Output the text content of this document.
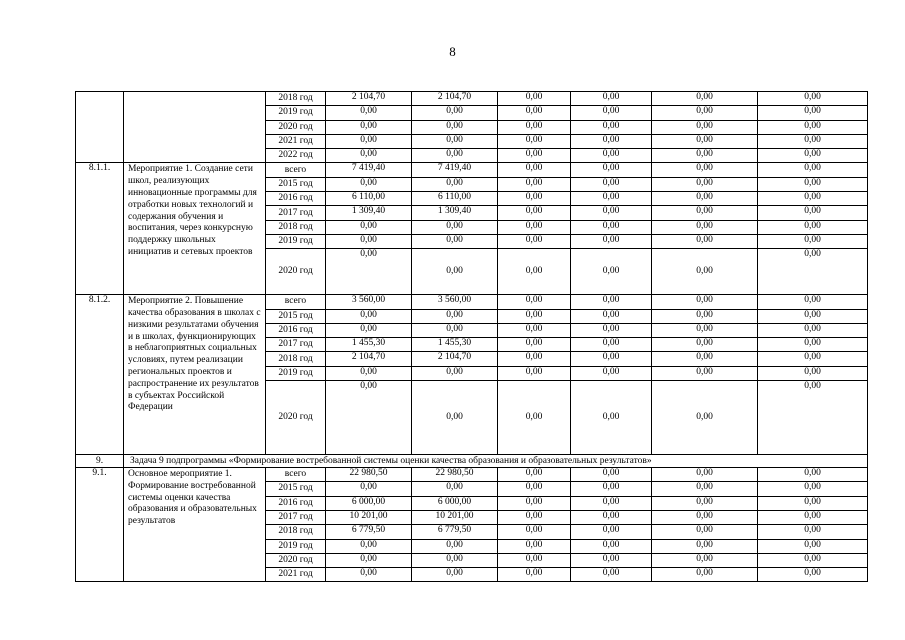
8
		2018 год	2 104,70	2 104,70	0,00	0,00	0,00	0,00
		2019 год	0,00	0,00	0,00	0,00	0,00	0,00
		2020 год	0,00	0,00	0,00	0,00	0,00	0,00
		2021 год	0,00	0,00	0,00	0,00	0,00	0,00
		2022 год	0,00	0,00	0,00	0,00	0,00	0,00
8.1.1.	Мероприятие 1. Создание сети школ, реализующих инновационные программы для отработки новых технологий и содержания обучения и воспитания, через конкурсную поддержку школьных инициатив и сетевых проектов	всего	7 419,40	7 419,40	0,00	0,00	0,00	0,00
		2015 год	0,00	0,00	0,00	0,00	0,00	0,00
		2016 год	6 110,00	6 110,00	0,00	0,00	0,00	0,00
		2017 год	1 309,40	1 309,40	0,00	0,00	0,00	0,00
		2018 год	0,00	0,00	0,00	0,00	0,00	0,00
		2019 год	0,00	0,00	0,00	0,00	0,00	0,00
		2020 год	0,00	0,00	0,00	0,00	0,00	0,00
8.1.2.	Мероприятие 2. Повышение качества образования в школах с низкими результатами обучения и в школах, функционирующих в неблагоприятных социальных условиях, путем реализации региональных проектов и распространение их результатов в субъектах Российской Федерации	всего	3 560,00	3 560,00	0,00	0,00	0,00	0,00
		2015 год	0,00	0,00	0,00	0,00	0,00	0,00
		2016 год	0,00	0,00	0,00	0,00	0,00	0,00
		2017 год	1 455,30	1 455,30	0,00	0,00	0,00	0,00
		2018 год	2 104,70	2 104,70	0,00	0,00	0,00	0,00
		2019 год	0,00	0,00	0,00	0,00	0,00	0,00
		2020 год	0,00	0,00	0,00	0,00	0,00	0,00
9.	Задача 9 подпрограммы «Формирование востребованной системы оценки качества образования и образовательных результатов»							
9.1.	Основное мероприятие 1. Формирование востребованной системы оценки качества образования и образовательных результатов	всего	22 980,50	22 980,50	0,00	0,00	0,00	0,00
		2015 год	0,00	0,00	0,00	0,00	0,00	0,00
		2016 год	6 000,00	6 000,00	0,00	0,00	0,00	0,00
		2017 год	10 201,00	10 201,00	0,00	0,00	0,00	0,00
		2018 год	6 779,50	6 779,50	0,00	0,00	0,00	0,00
		2019 год	0,00	0,00	0,00	0,00	0,00	0,00
		2020 год	0,00	0,00	0,00	0,00	0,00	0,00
		2021 год	0,00	0,00	0,00	0,00	0,00	0,00
